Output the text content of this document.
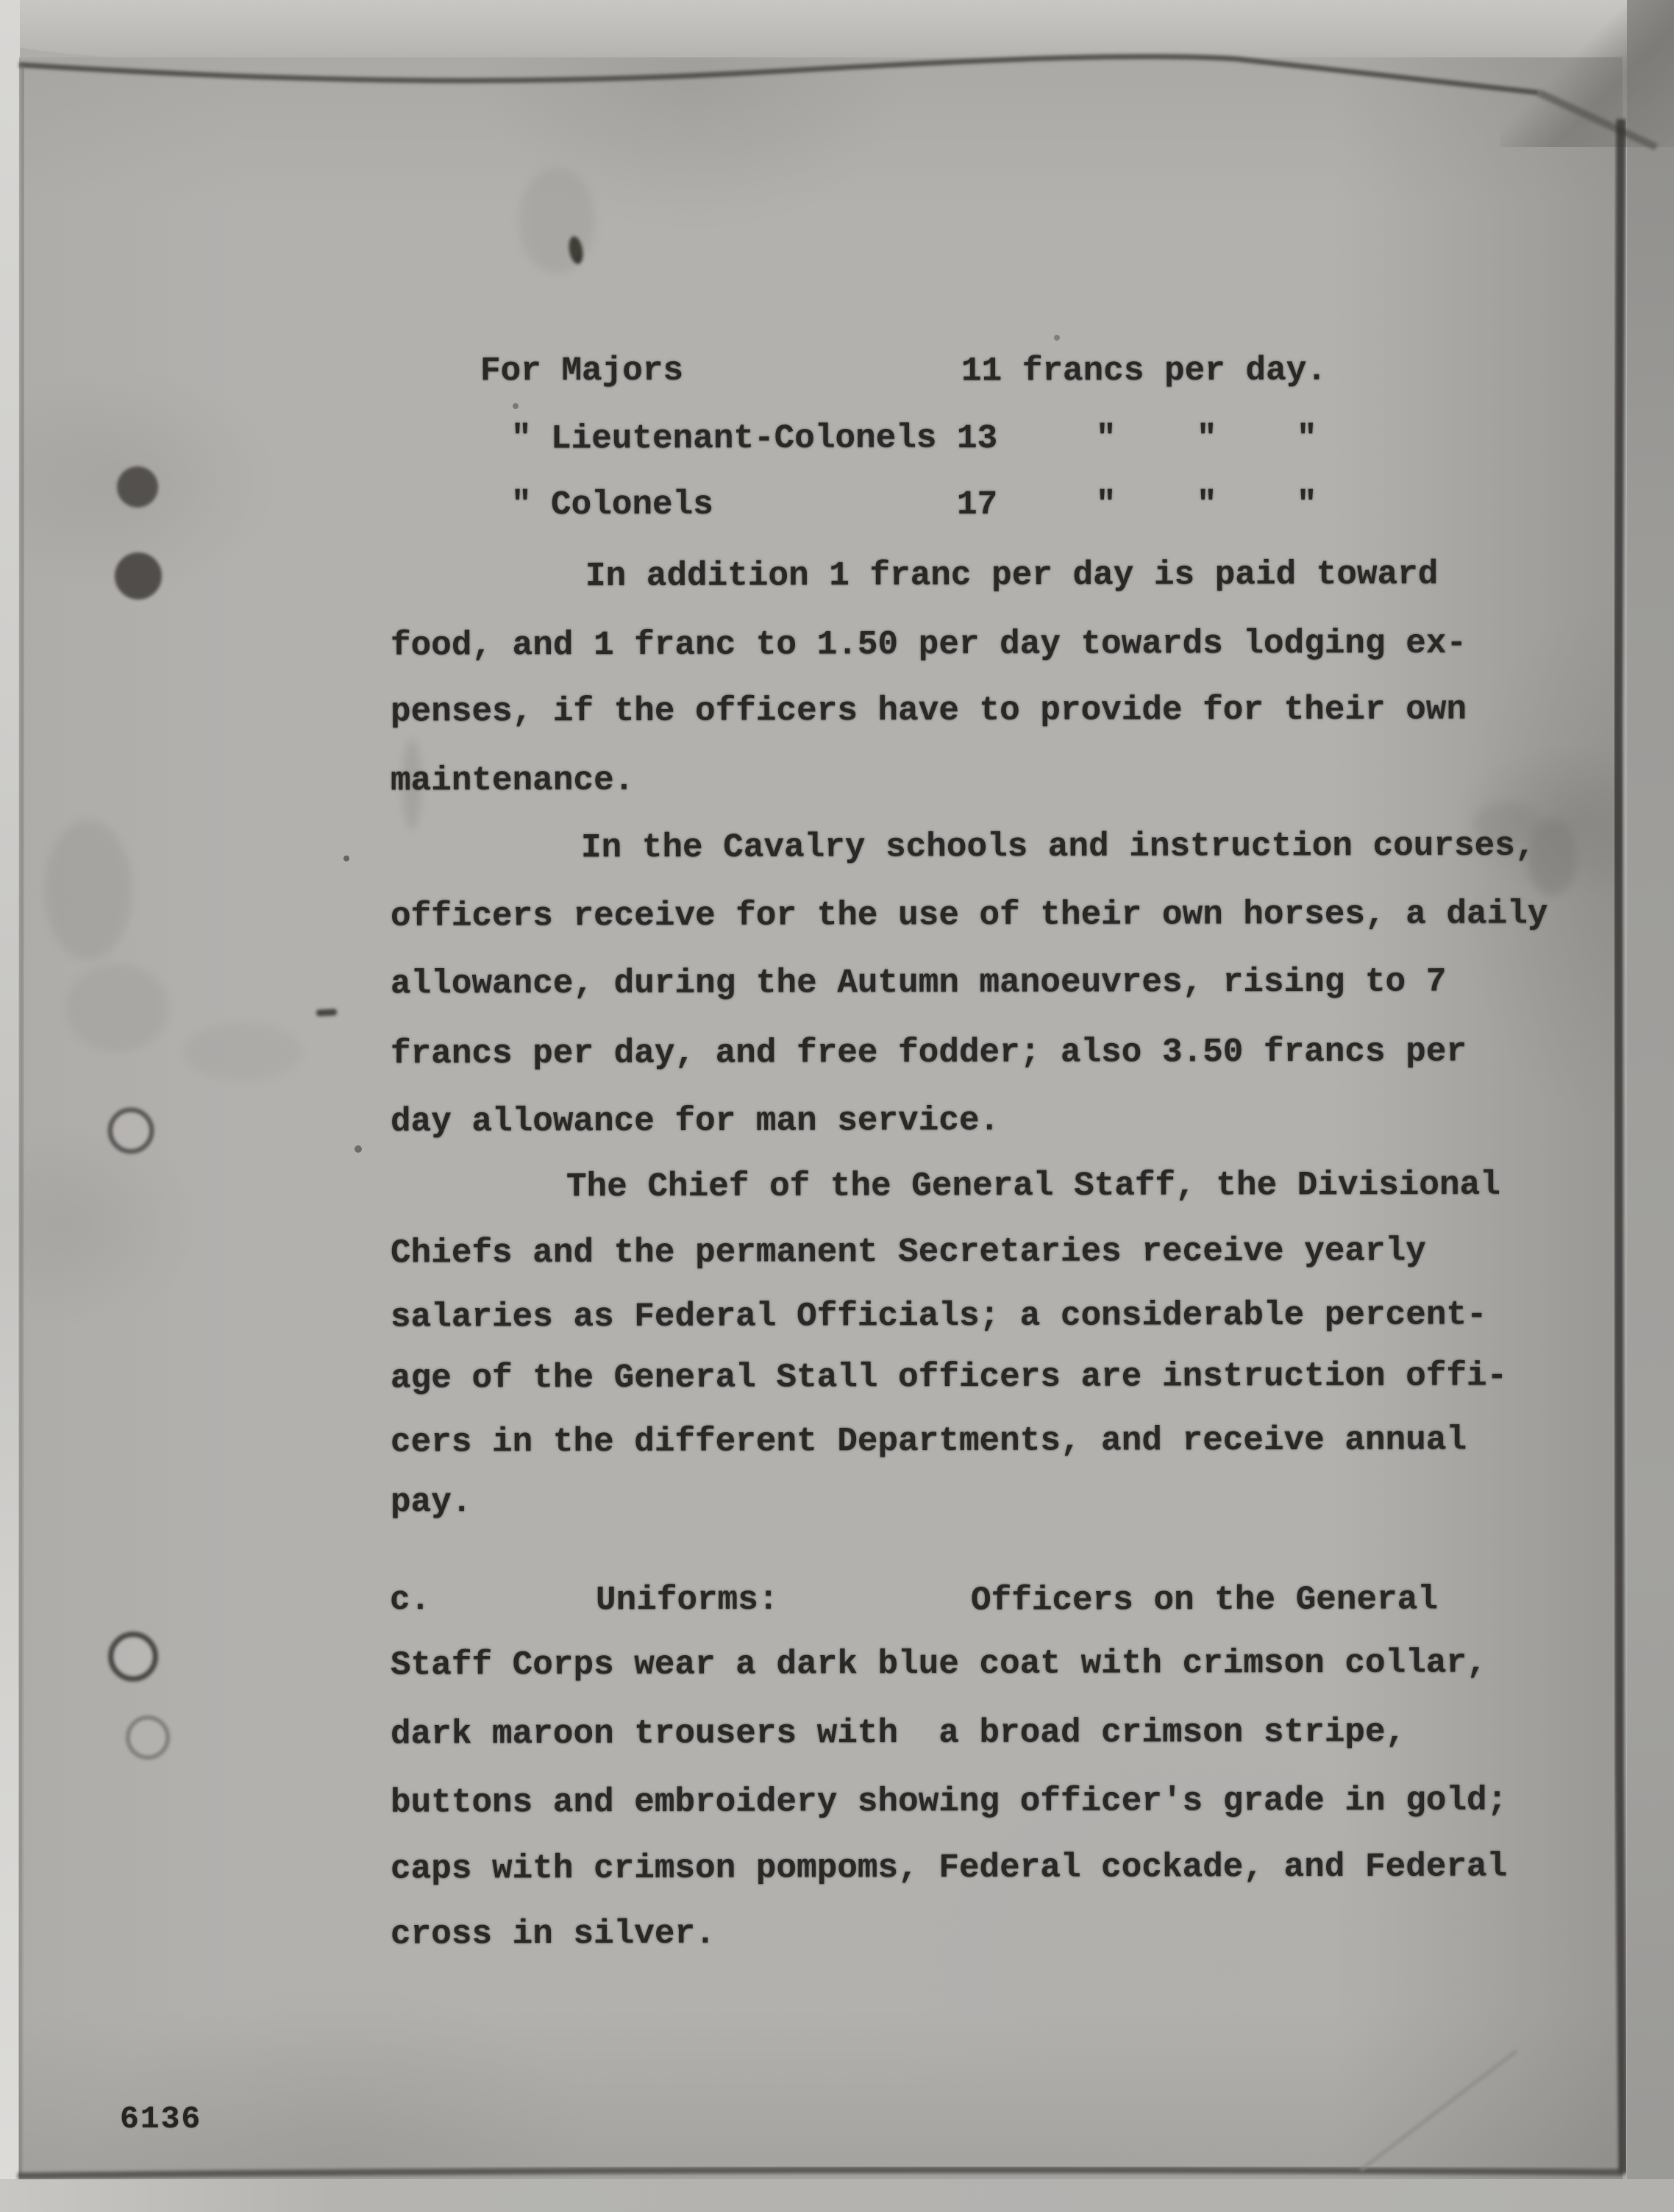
For Majors	11 francs per day.
" Lieutenant-Colonels 13	" " "
" Colonels	17	" " "
In addition 1 franc per day is paid toward
food, and 1 franc to 1.50 per day towards lodging ex-
penses, if the officers have to provide for their own
maintenance.
In the Cavalry schools and instruction courses,
officers receive for the use of their own horses, a daily
allowance, during the Autumn manoeuvres, rising to 7
francs per day, and free fodder; also 3.50 francs per
day allowance for man service.
The Chief of the General Staff, the Divisional
Chiefs and the permanent Secretaries receive yearly
salaries as Federal Officials; a considerable percent-
age of the General Stall officers are instruction offi-
cers in the different Departments, and receive annual
pay.
c.	Uniforms:	Officers on the General
Staff Corps wear a dark blue coat with crimson collar,
dark maroon trousers with  a broad crimson stripe,
buttons and embroidery showing officer's grade in gold;
caps with crimson pompoms, Federal cockade, and Federal
cross in silver.
6136
